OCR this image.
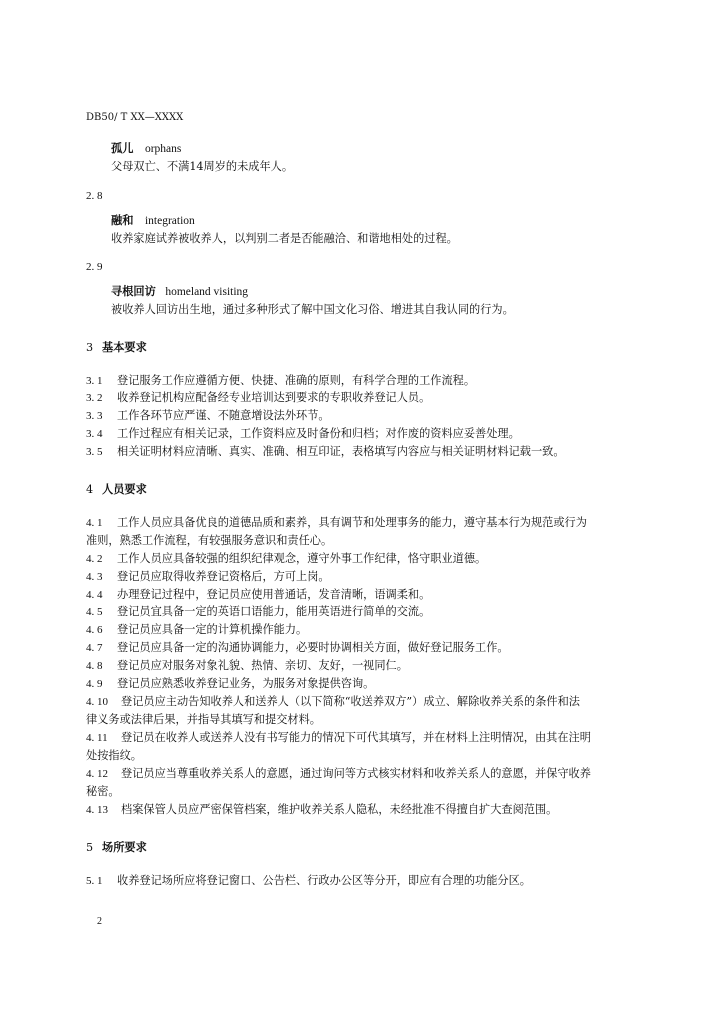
DB50/ T XX—XXXX
孤儿 orphans
父母双亡、不满14周岁的未成年人。
2. 8
融和 integration
收养家庭试养被收养人，以判别二者是否能融洽、和谐地相处的过程。
2. 9
寻根回访 homeland visiting
被收养人回访出生地，通过多种形式了解中国文化习俗、增进其自我认同的行为。
3 基本要求
3. 1 登记服务工作应遵循方便、快捷、准确的原则，有科学合理的工作流程。
3. 2 收养登记机构应配备经专业培训达到要求的专职收养登记人员。
3. 3 工作各环节应严谨、不随意增设法外环节。
3. 4 工作过程应有相关记录，工作资料应及时备份和归档；对作废的资料应妥善处理。
3. 5 相关证明材料应清晰、真实、准确、相互印证，表格填写内容应与相关证明材料记载一致。
4 人员要求
4. 1 工作人员应具备优良的道德品质和素养，具有调节和处理事务的能力，遵守基本行为规范或行为
准则，熟悉工作流程，有较强服务意识和责任心。
4. 2 工作人员应具备较强的组织纪律观念，遵守外事工作纪律，恪守职业道德。
4. 3 登记员应取得收养登记资格后，方可上岗。
4. 4 办理登记过程中，登记员应使用普通话，发音清晰，语调柔和。
4. 5 登记员宜具备一定的英语口语能力，能用英语进行简单的交流。
4. 6 登记员应具备一定的计算机操作能力。
4. 7 登记员应具备一定的沟通协调能力，必要时协调相关方面，做好登记服务工作。
4. 8 登记员应对服务对象礼貌、热情、亲切、友好，一视同仁。
4. 9 登记员应熟悉收养登记业务，为服务对象提供咨询。
4. 10 登记员应主动告知收养人和送养人（以下简称“收送养双方”）成立、解除收养关系的条件和法
律义务或法律后果，并指导其填写和提交材料。
4. 11 登记员在收养人或送养人没有书写能力的情况下可代其填写，并在材料上注明情况，由其在注明
处按指纹。
4. 12 登记员应当尊重收养关系人的意愿，通过询问等方式核实材料和收养关系人的意愿，并保守收养
秘密。
4. 13 档案保管人员应严密保管档案，维护收养关系人隐私，未经批准不得擅自扩大查阅范围。
5 场所要求
5. 1 收养登记场所应将登记窗口、公告栏、行政办公区等分开，即应有合理的功能分区。
2
